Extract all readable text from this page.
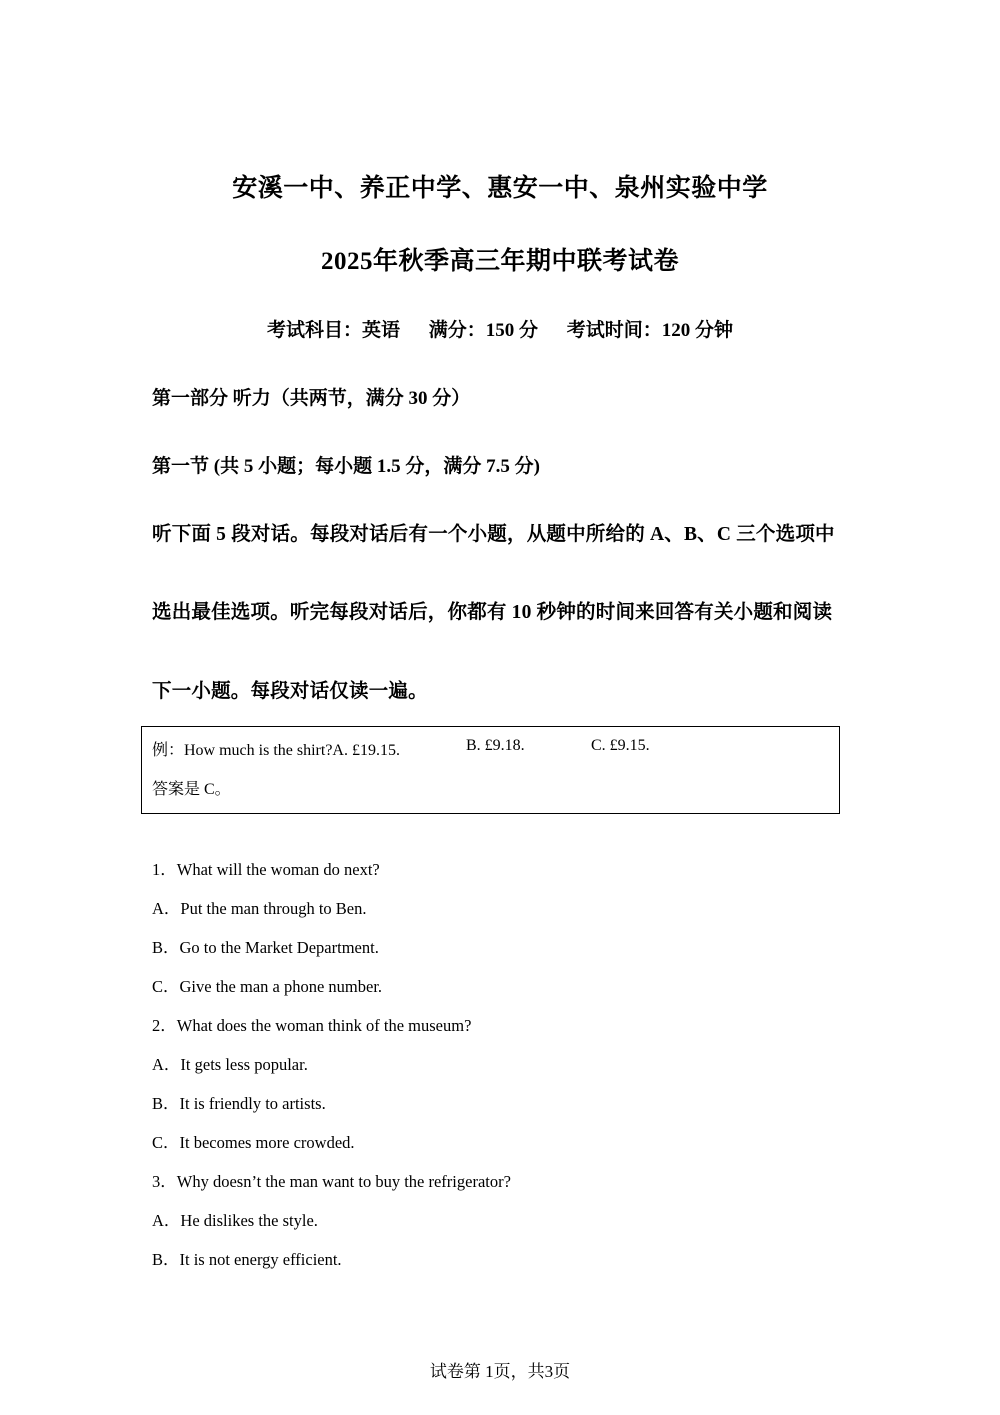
安溪一中、养正中学、惠安一中、泉州实验中学
2025年秋季高三年期中联考试卷
考试科目：英语 满分：150 分 考试时间：120 分钟
第一部分 听力（共两节，满分 30 分）
第一节 (共 5 小题；每小题 1.5 分，满分 7.5 分)
听下面 5 段对话。每段对话后有一个小题，从题中所给的 A、B、C 三个选项中
选出最佳选项。听完每段对话后，你都有 10 秒钟的时间来回答有关小题和阅读
下一小题。每段对话仅读一遍。
例：How much is the shirt?A. £19.15.	B. £9.18.	C. £9.15.
答案是 C。
1．What will the woman do next?
A．Put the man through to Ben.
B．Go to the Market Department.
C．Give the man a phone number.
2．What does the woman think of the museum?
A．It gets less popular.
B．It is friendly to artists.
C．It becomes more crowded.
3．Why doesn’t the man want to buy the refrigerator?
A．He dislikes the style.
B．It is not energy efficient.
试卷第 1页，共3页
